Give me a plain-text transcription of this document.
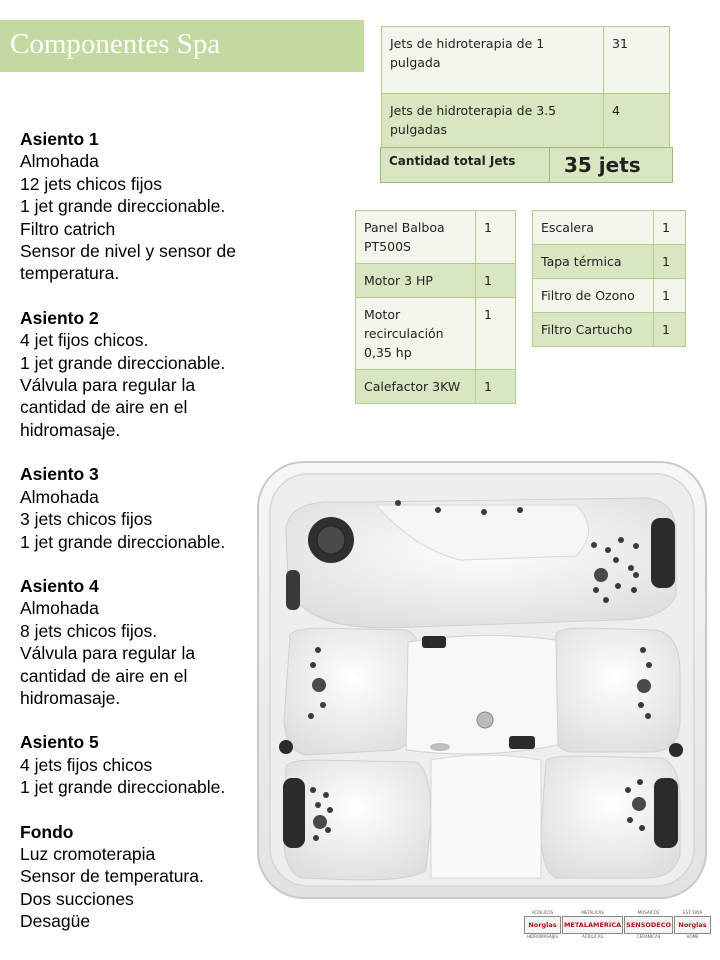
Componentes Spa	Jets de hidroterapia de 1 pulgada	31
Jets de hidroterapia de 3.5 pulgadas	4
Cantidad total Jets	35 jets
Panel Balboa PT500S	1
Motor 3 HP	1
Motor recirculación 0,35 hp	1
Calefactor 3KW	1
Escalera	1
Tapa térmica	1
Filtro de Ozono	1
Filtro Cartucho	1
Asiento 1
Almohada
12 jets chicos fijos
1 jet grande direccionable.
Filtro catrich
Sensor de nivel y sensor de
temperatura.
Asiento 2
4 jet fijos chicos.
1 jet grande direccionable.
Válvula para regular la
cantidad de aire en el
hidromasaje.
Asiento 3
Almohada
3 jets chicos fijos
1 jet grande direccionable.
Asiento 4
Almohada
8 jets chicos fijos.
Válvula para regular la
cantidad de aire en el
hidromasaje.
Asiento 5
4 jets fijos chicos
1 jet grande direccionable.
Fondo
Luz cromoterapia
Sensor de temperatura.
Dos succiones
Desagüe	ACRILICOS
Norglas
HIDROMASAJES
METALICAS
METALAMERICA
ACRILICAS
MOSAICOS
SENSODECO
CERAMICAS
EST 1959
Norglas
HOME
